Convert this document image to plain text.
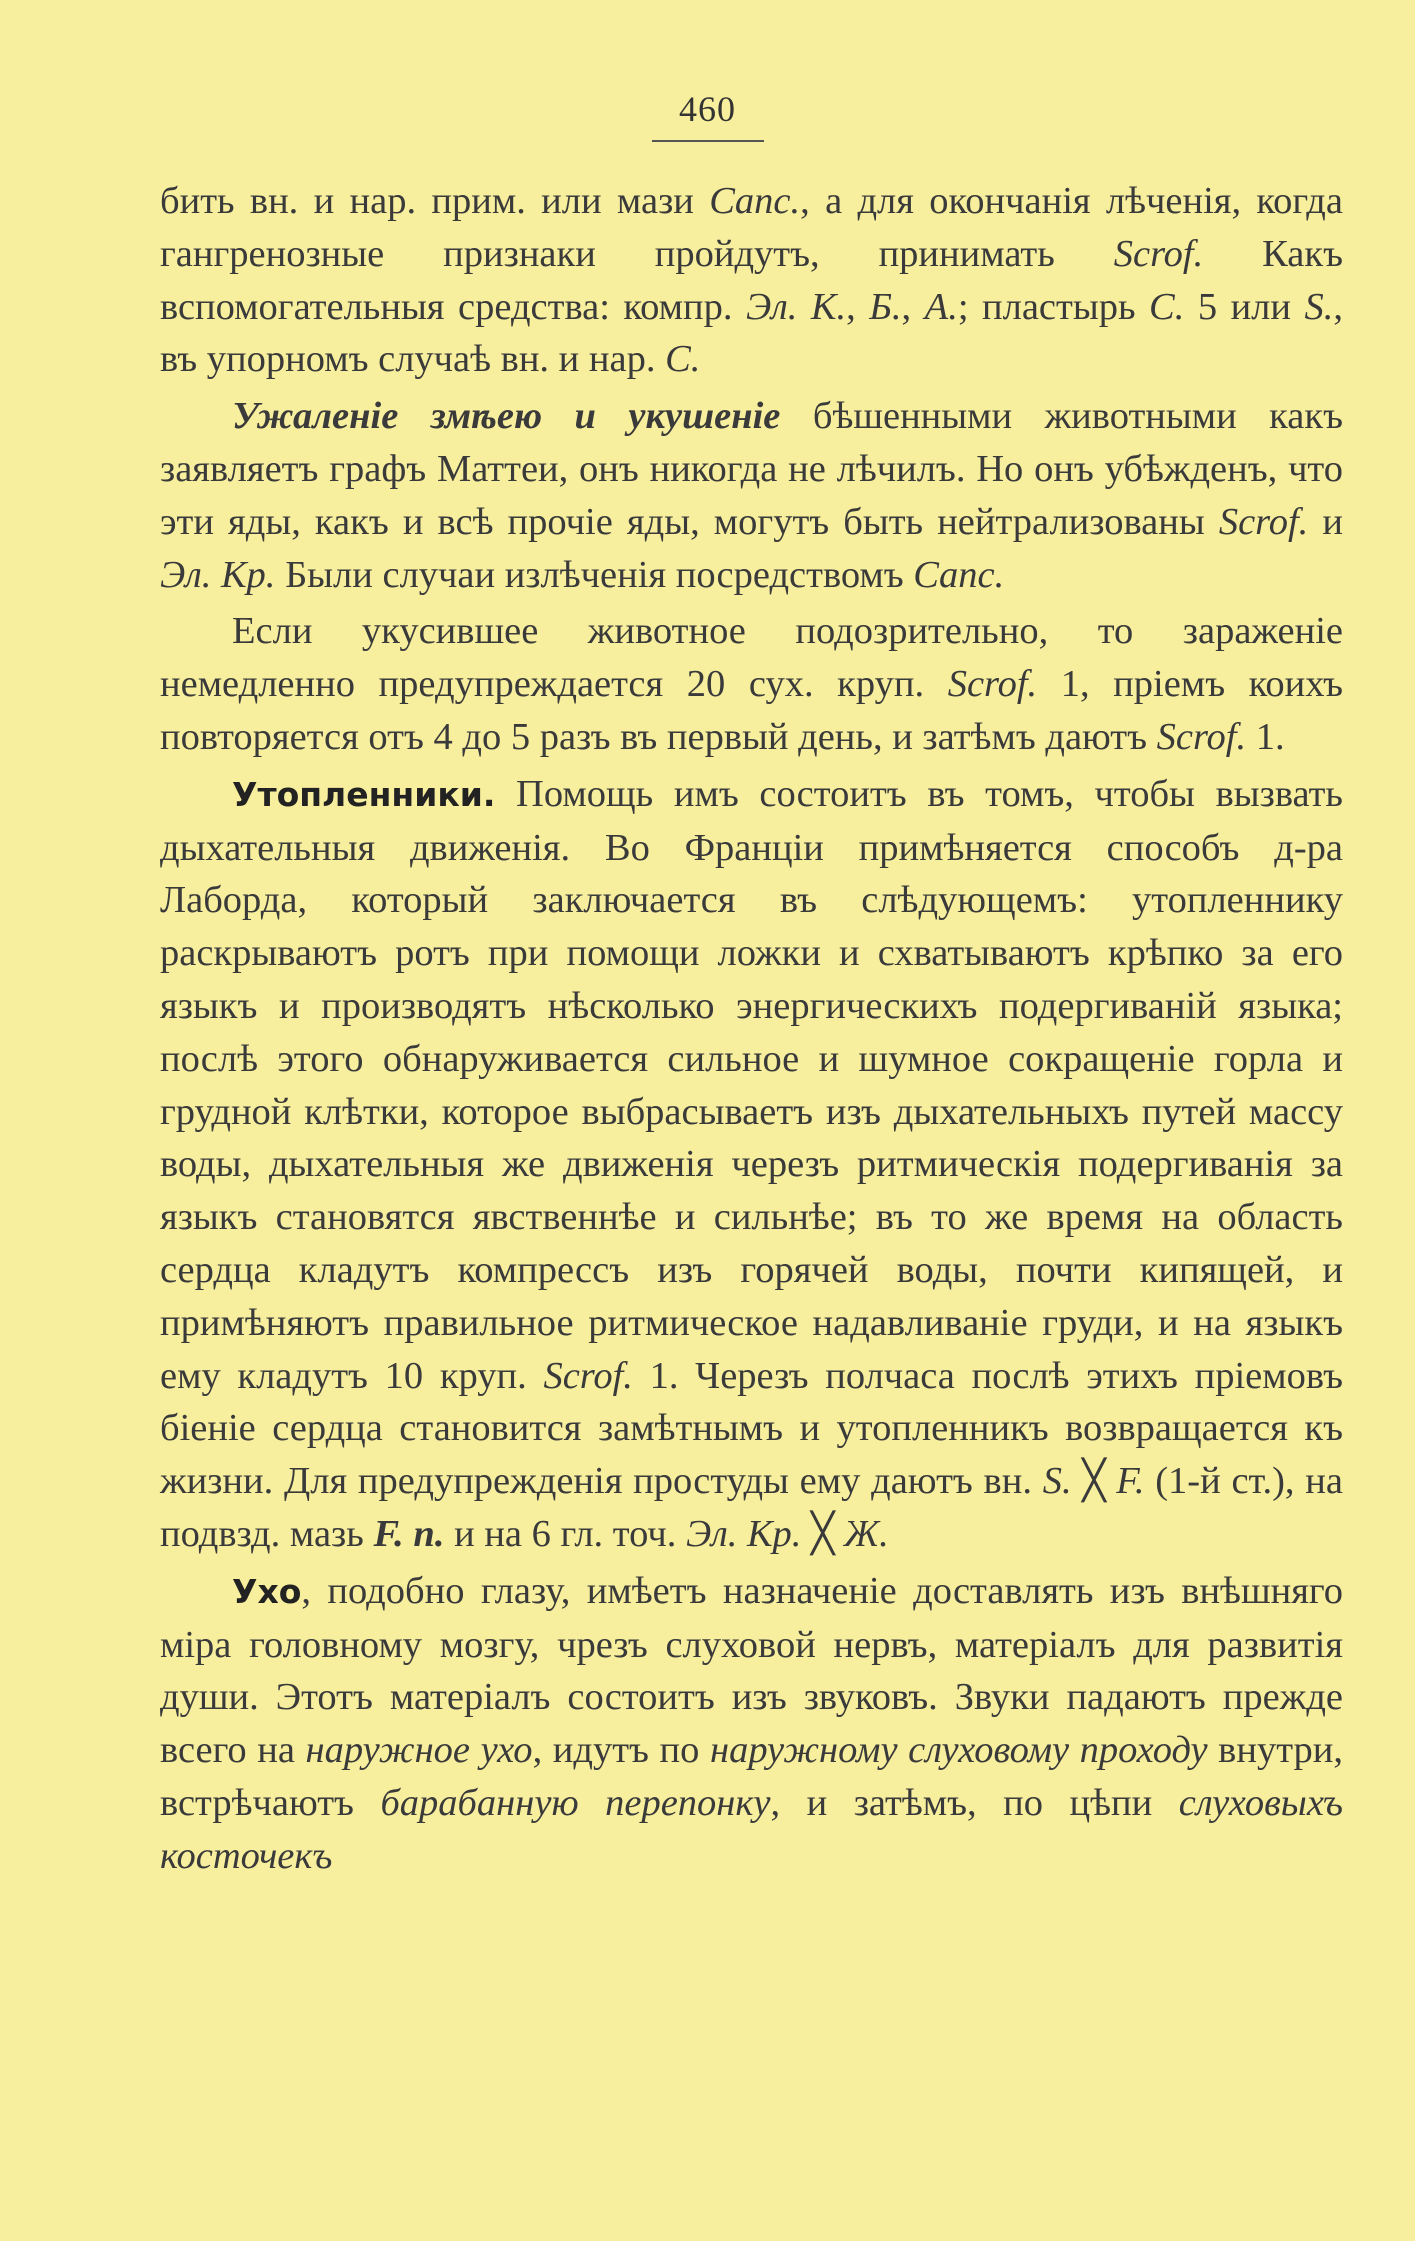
460

бить вн. и нар. прим. или мази Canc., а для окончанія лѣченія, когда гангренозные признаки пройдутъ, принимать Scrof. Какъ вспомогательныя средства: компр. Эл. К., Б., А.; пластырь С. 5 или S., въ упорномъ случаѣ вн. и нар. С.

Ужаленіе змѣею и укушеніе бѣшенными животными какъ заявляетъ графъ Маттеи, онъ никогда не лѣчилъ. Но онъ убѣжденъ, что эти яды, какъ и всѣ прочіе яды, могутъ быть нейтрализованы Scrof. и Эл. Кр. Были случаи излѣченія посредствомъ Canc.

Если укусившее животное подозрительно, то зараженіе немедленно предупреждается 20 сух. круп. Scrof. 1, пріемъ коихъ повторяется отъ 4 до 5 разъ въ первый день, и затѣмъ даютъ Scrof. 1.

Утопленники. Помощь имъ состоитъ въ томъ, чтобы вызвать дыхательныя движенія. Во Франціи примѣняется способъ д-ра Лаборда, который заключается въ слѣдующемъ: утопленнику раскрываютъ ротъ при помощи ложки и схватываютъ крѣпко за его языкъ и производятъ нѣсколько энергическихъ подергиваній языка; послѣ этого обнаруживается сильное и шумное сокращеніе горла и грудной клѣтки, которое выбрасываетъ изъ дыхательныхъ путей массу воды, дыхательныя же движенія черезъ ритмическія подергиванія за языкъ становятся явственнѣе и сильнѣе; въ то же время на область сердца кладутъ компрессъ изъ горячей воды, почти кипящей, и примѣняютъ правильное ритмическое надавливаніе груди, и на языкъ ему кладутъ 10 круп. Scrof. 1. Черезъ полчаса послѣ этихъ пріемовъ біеніе сердца становится замѣтнымъ и утопленникъ возвращается къ жизни. Для предупрежденія простуды ему даютъ вн. S. ╳ F. (1-й ст.), на подвзд. мазь F. п. и на 6 гл. точ. Эл. Кр. ╳ Ж.

Ухо, подобно глазу, имѣетъ назначеніе доставлять изъ внѣшняго міра головному мозгу, чрезъ слуховой нервъ, матеріалъ для развитія души. Этотъ матеріалъ состоитъ изъ звуковъ. Звуки падаютъ прежде всего на наружное ухо, идутъ по наружному слуховому проходу внутри, встрѣчаютъ барабанную перепонку, и затѣмъ, по цѣпи слуховыхъ косточекъ
